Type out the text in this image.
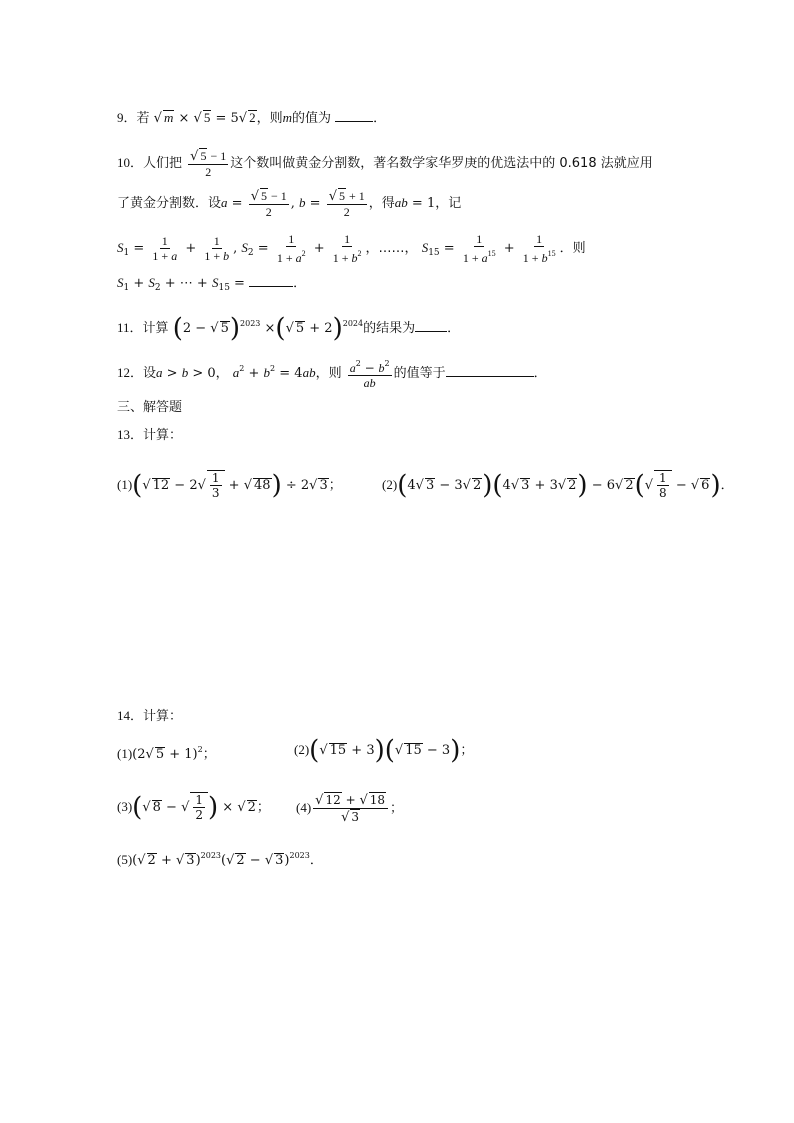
9．若 √ m × √ 5 = 5√ 2，则m的值为	．
10．人们把 $\frac{√ 5 - 1}{2}$ 这个数叫做黄金分割数，著名数学家华罗庚的优选法中的 0.618 法就应用
了黄金分割数．设$a = \frac{√ 5 - 1}{2}$ , $b = \frac{√ 5 + 1}{2}$ ，得ab = 1，记
$S_1 = \frac{1}{1 + a} + \frac{1}{1 + b}$ , $S_2 = \frac{1}{1 + a^2} + \frac{1}{1 + b^2}$ ，……， $S_{15} = \frac{1}{1 + a^{15}} + \frac{1}{1 + b^{15}}$ ．则
$S_1 + S_2$ + ⋯ + $S_{15}$ =	．
11．计算 (2 − √ 5)$^{2023}$ ×(√ 5 + 2)$^{2024}$的结果为 ．
12．设a > b > 0， $a^2 + b^2 = 4ab$，则 $\frac{a^2 - b^2}{ab}$ 的值等于	．
三、解答题
13．计算：
(1)(√ $12 - 2√ \frac{1}{3}$ + √ 48) ÷ 2√ 3；	(2)(4√ 3 − 3√ 2)(4√ 3 + 3√ 2) − 6√ $2(√ \frac{1}{8}$ − √ 6)．
14．计算：
(1)(2√ 5 + 1)$^2$；	(2)(√ 15 + 3)(√ 15 − 3)；
(3)(√ 8 − √ $\frac{1}{2}$ ) × √ 2； $(4) \frac{√ 12 + √ 18}{√ 3}$ ；
(5)(√ 2 + √ 3)$^{2023}$(√ 2 − √ 3)$^{2023}$．
